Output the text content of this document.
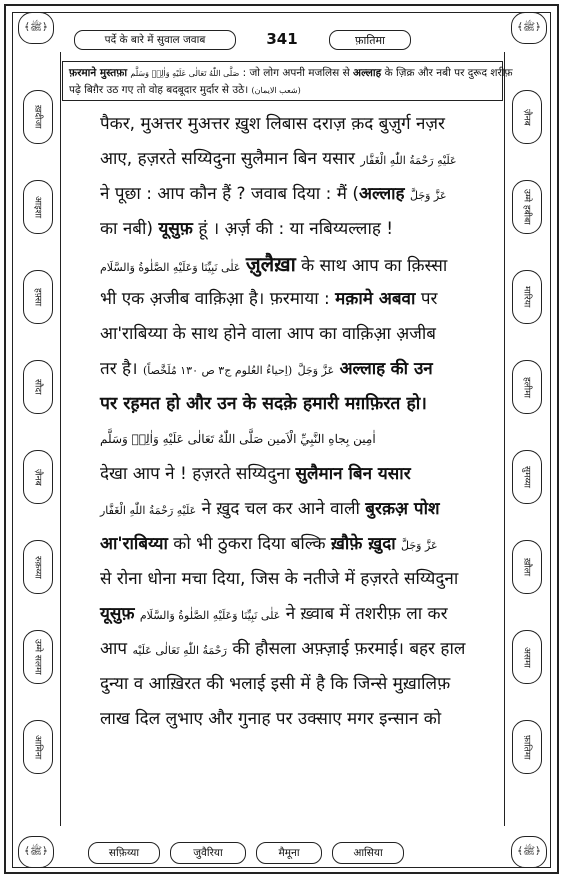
﴾ﷺ﴿	﴾ﷺ﴿
पर्दे के बारे में सुवाल जवाब	341	फ़ातिमा
ख़दीजा
आइशा
हफ़्सा
सौदा
ज़ैनब
रुक़य्या
उम्मे सलमा
आमिना
ज़ैनब
उम्मे हबीबा
मारिया
हलीमा
सुमय्या
ख़ौला
असमा
फ़ातिमा
फ़रमाने मुस्तफ़ा صَلَّى اللّٰهُ تَعَالٰى عَلَيْهِ وَاٰلِهٖ وَسَلَّم : जो लोग अपनी मजलिस से अल्लाह के ज़िक्र और नबी पर दुरूद शरीफ़
पढ़े बिग़ैर उठ गए तो वोह बदबूदार मुर्दार से उठे। (شعب الایمان)
पैकर, मुअत्तर मुअत्तर ख़ुश लिबास दराज़ क़द बुज़ुर्ग नज़र
आए, हज़रते सय्यिदुना सुलैमान बिन यसार عَلَيْهِ رَحْمَةُ اللّٰهِ الْغَفَّار
ने पूछा : आप कौन हैं ? जवाब दिया : मैं (अल्लाह عَزَّ وَجَلَّ
का नबी) यूसुफ़ हूं । अ़र्ज़ की : या नबिय्यल्लाह !
عَلٰى نَبِيِّنَا وَعَلَيْهِ الصَّلٰوةُ وَالسَّلَام ज़ुलैख़ा के साथ आप का क़िस्सा
भी एक अ़जीब वाक़िआ़ है। फ़रमाया : मक़ामे अबवा पर
आ'राबिय्या के साथ होने वाला आप का वाक़िआ़ अ़जीब
तर है। (اِحیاءُ العُلوم ج٣ ص ١٣٠ مُلَخَّصاً) عَزَّ وَجَلَّ अल्लाह की उन
पर रह़मत हो और उन के सदक़े हमारी मग़फ़िरत हो।
اٰمِين بِجاهِ النَّبِيِّ الْاَمين صَلَّى اللّٰهُ تَعَالٰى عَلَيْهِ وَاٰلِهٖ وَسَلَّم
देखा आप ने ! हज़रते सय्यिदुना सुलैमान बिन यसार
عَلَيْهِ رَحْمَةُ اللّٰهِ الْغَفَّار ने ख़ुद चल कर आने वाली बुरक़अ़ पोश
आ'राबिय्या को भी ठुकरा दिया बल्कि ख़ौफ़े ख़ुदा عَزَّ وَجَلَّ
से रोना धोना मचा दिया, जिस के नतीजे में हज़रते सय्यिदुना
यूसुफ़ عَلٰى نَبِيِّنَا وَعَلَيْهِ الصَّلٰوةُ وَالسَّلَام ने ख़्वाब में तशरीफ़ ला कर
आप رَحْمَةُ اللّٰهِ تَعَالٰى عَلَيْه की हौसला अफ़्ज़ाई फ़रमाई। बहर हाल
दुन्या व आख़िरत की भलाई इसी में है कि जिन्से मुख़ालिफ़
लाख दिल लुभाए और गुनाह पर उक्साए मगर इन्सान को
सफ़िय्या	जुवैरिया	मैमूना	आसिया
﴾ﷺ﴿	﴾ﷺ﴿
